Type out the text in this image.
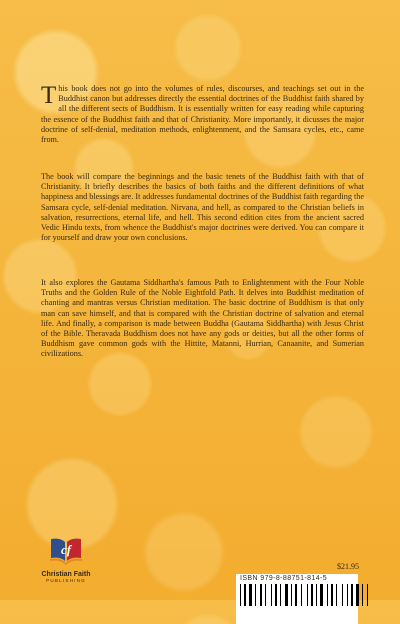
This book does not go into the volumes of rules, discourses, and teachings set out in the Buddhist canon but addresses directly the essential doctrines of the Buddhist faith shared by all the different sects of Buddhism. It is essentially written for easy reading while capturing the essence of the Buddhist faith and that of Christianity. More importantly, it dicusses the major doctrine of self-denial, meditation methods, enlightenment, and the Samsara cycles, etc., came from.

The book will compare the beginnings and the basic tenets of the Buddhist faith with that of Christianity. It briefly describes the basics of both faiths and the different definitions of what happiness and blessings are. It addresses fundamental doctrines of the Buddhist faith regarding the Samsara cycle, self-denial meditation. Nirvana, and hell, as compared to the Christian beliefs in salvation, resurrections, eternal life, and hell. This second edition cites from the ancient sacred Vedic Hindu texts, from whence the Buddhist's major doctrines were derived. You can compare it for yourself and draw your own conclusions.

It also explores the Gautama Siddhartha's famous Path to Enlightenment with the Four Noble Truths and the Golden Rule of the Noble Eightfold Path. It delves into Buddhist meditation of chanting and mantras versus Christian meditation. The basic doctrine of Buddhism is that only man can save himself, and that is compared with the Christian doctrine of salvation and eternal life. And finally, a comparison is made between Buddha (Gautama Siddhartha) with Jesus Christ of the Bible. Theravada Buddhism does not have any gods or deities, but all the other forms of Buddhism gave common gods with the Hittite, Matanni, Hurrian, Canaanite, and Sumerian civilizations.

cf
Christian Faith
PUBLISHING
$21.95
ISBN 979-8-88751-814-5
